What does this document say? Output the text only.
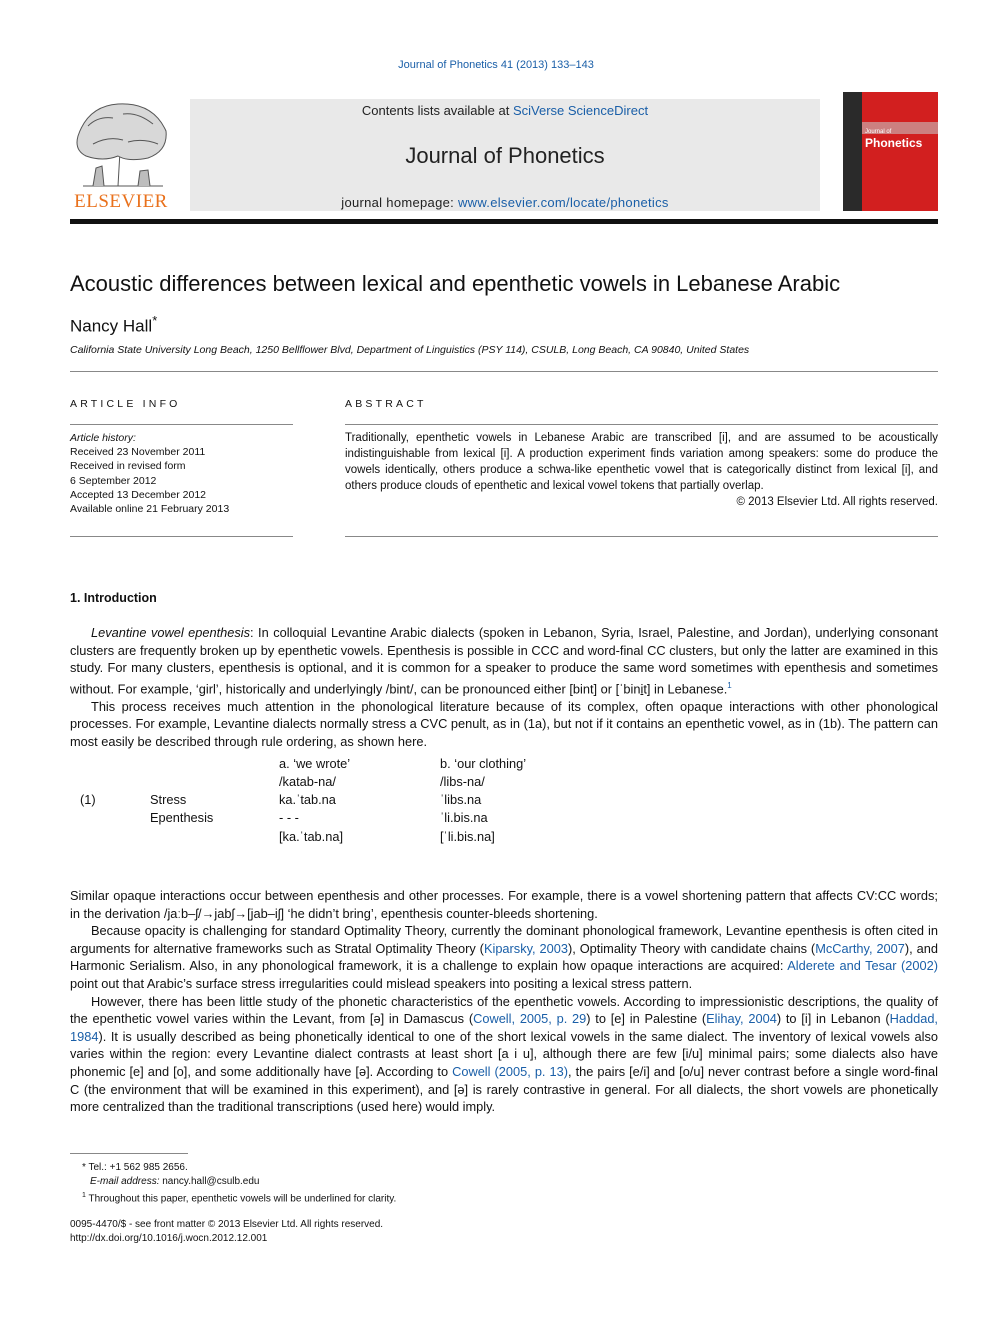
Journal of Phonetics 41 (2013) 133–143
ELSEVIER
Contents lists available at SciVerse ScienceDirect
Journal of Phonetics
journal homepage: www.elsevier.com/locate/phonetics
Journal of
Phonetics
Acoustic differences between lexical and epenthetic vowels in Lebanese Arabic
Nancy Hall*
California State University Long Beach, 1250 Bellflower Blvd, Department of Linguistics (PSY 114), CSULB, Long Beach, CA 90840, United States
ARTICLE INFO	ABSTRACT
Article history:
Received 23 November 2011
Received in revised form
6 September 2012
Accepted 13 December 2012
Available online 21 February 2013
Traditionally, epenthetic vowels in Lebanese Arabic are transcribed [i], and are assumed to be acoustically indistinguishable from lexical [i]. A production experiment finds variation among speakers: some do produce the vowels identically, others produce a schwa-like epenthetic vowel that is categorically distinct from lexical [i], and others produce clouds of epenthetic and lexical vowel tokens that partially overlap.
© 2013 Elsevier Ltd. All rights reserved.
1. Introduction

Levantine vowel epenthesis: In colloquial Levantine Arabic dialects (spoken in Lebanon, Syria, Israel, Palestine, and Jordan), underlying consonant clusters are frequently broken up by epenthetic vowels. Epenthesis is possible in CCC and word-final CC clusters, but only the latter are examined in this study. For many clusters, epenthesis is optional, and it is common for a speaker to produce the same word sometimes with epenthesis and sometimes without. For example, ‘girl’, historically and underlyingly /bint/, can be pronounced either [bint] or [ˈbinit] in Lebanese.$^1$

This process receives much attention in the phonological literature because of its complex, often opaque interactions with other phonological processes. For example, Levantine dialects normally stress a CVC penult, as in (1a), but not if it contains an epenthetic vowel, as in (1b). The pattern can most easily be described through rule ordering, as shown here.

(1)	Stress
Epenthesis
a. ‘we wrote’
/katab-na/
ka.ˈtab.na
- - -
[ka.ˈtab.na]
b. ‘our clothing’
/libs-na/
ˈlibs.na
ˈli.bis.na
[ˈli.bis.na]

Similar opaque interactions occur between epenthesis and other processes. For example, there is a vowel shortening pattern that affects CV:CC words; in the derivation /jaːb–ʃ/→jabʃ→[jab–iʃ] ‘he didn’t bring’, epenthesis counter-bleeds shortening.

Because opacity is challenging for standard Optimality Theory, currently the dominant phonological framework, Levantine epenthesis is often cited in arguments for alternative frameworks such as Stratal Optimality Theory (Kiparsky, 2003), Optimality Theory with candidate chains (McCarthy, 2007), and Harmonic Serialism. Also, in any phonological framework, it is a challenge to explain how opaque interactions are acquired: Alderete and Tesar (2002) point out that Arabic’s surface stress irregularities could mislead speakers into positing a lexical stress pattern.

However, there has been little study of the phonetic characteristics of the epenthetic vowels. According to impressionistic descriptions, the quality of the epenthetic vowel varies within the Levant, from [ə] in Damascus (Cowell, 2005, p. 29) to [e] in Palestine (Elihay, 2004) to [i] in Lebanon (Haddad, 1984). It is usually described as being phonetically identical to one of the short lexical vowels in the same dialect. The inventory of lexical vowels also varies within the region: every Levantine dialect contrasts at least short [a i u], although there are few [i/u] minimal pairs; some dialects also have phonemic [e] and [o], and some additionally have [ə]. According to Cowell (2005, p. 13), the pairs [e/i] and [o/u] never contrast before a single word-final C (the environment that will be examined in this experiment), and [ə] is rarely contrastive in general. For all dialects, the short vowels are phonetically more centralized than the traditional transcriptions (used here) would imply.

* Tel.: +1 562 985 2656.
E-mail address: nancy.hall@csulb.edu
$^1$ Throughout this paper, epenthetic vowels will be underlined for clarity.
0095-4470/$ - see front matter © 2013 Elsevier Ltd. All rights reserved.
http://dx.doi.org/10.1016/j.wocn.2012.12.001
